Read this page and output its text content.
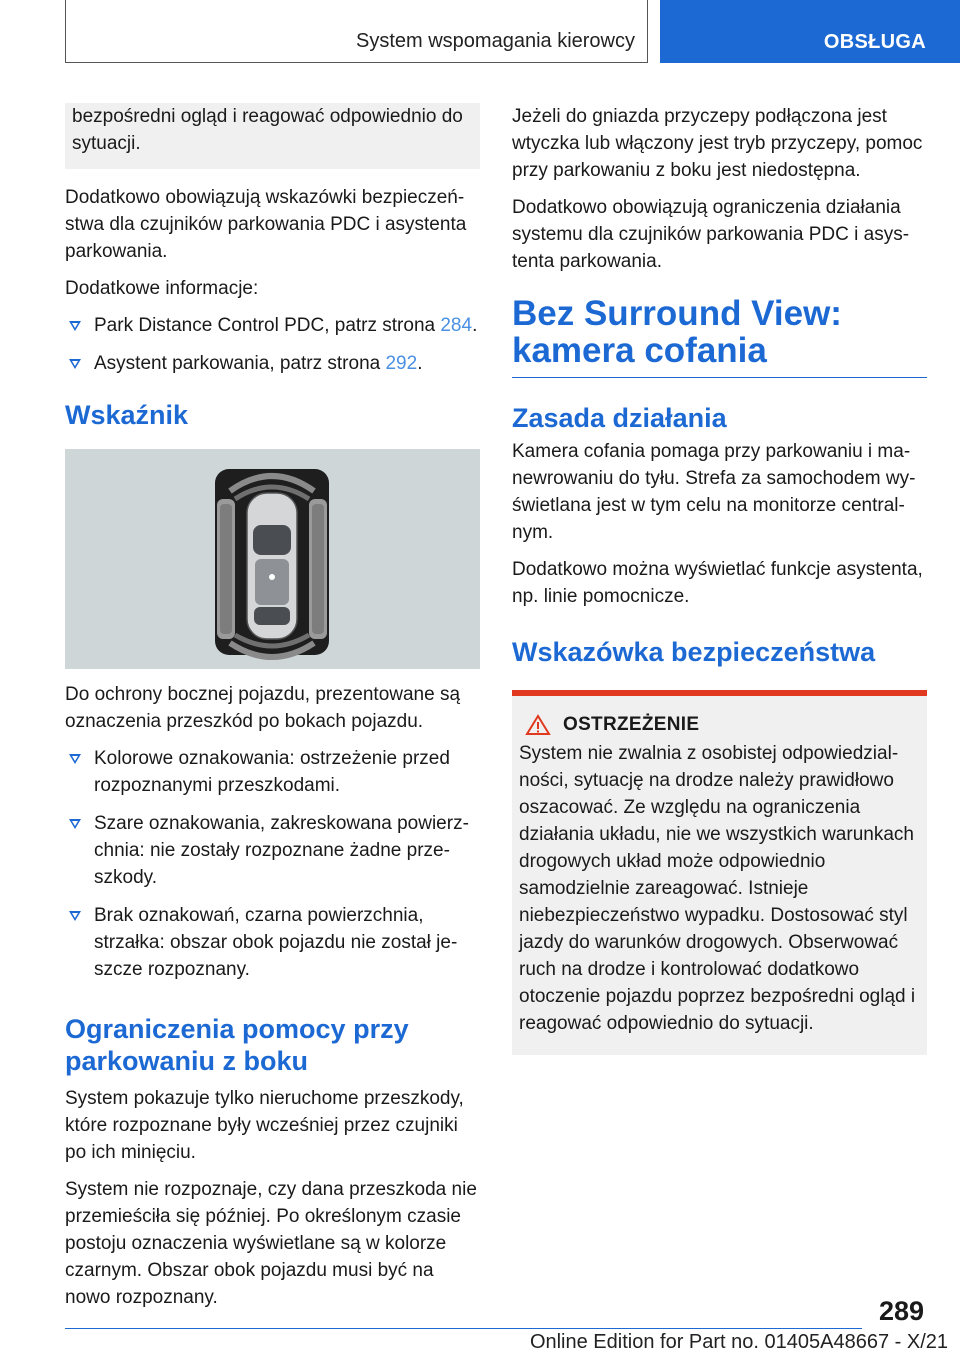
System wspomagania kierowcy	OBSŁUGA

bezpośredni ogląd i reagować odpowiednio do sytuacji.

Dodatkowo obowiązują wskazówki bezpieczeństwa dla czujników parkowania PDC i asystenta parkowania.

Dodatkowe informacje:

Park Distance Control PDC, patrz strona 284.
Asystent parkowania, patrz strona 292.
Wskaźnik

Do ochrony bocznej pojazdu, prezentowane są oznaczenia przeszkód po bokach pojazdu.

Kolorowe oznakowania: ostrzeżenie przed rozpoznanymi przeszkodami.
Szare oznakowania, zakreskowana powierzchnia: nie zostały rozpoznane żadne przeszkody.
Brak oznakowań, czarna powierzchnia, strzałka: obszar obok pojazdu nie został jeszcze rozpoznany.
Ograniczenia pomocy przy parkowaniu z boku

System pokazuje tylko nieruchome przeszkody, które rozpoznane były wcześniej przez czujniki po ich minięciu.

System nie rozpoznaje, czy dana przeszkoda nie przemieściła się później. Po określonym czasie postoju oznaczenia wyświetlane są w kolorze czarnym. Obszar obok pojazdu musi być na nowo rozpoznany.

Jeżeli do gniazda przyczepy podłączona jest wtyczka lub włączony jest tryb przyczepy, pomoc przy parkowaniu z boku jest niedostępna.

Dodatkowo obowiązują ograniczenia działania systemu dla czujników parkowania PDC i asystenta parkowania.

Bez Surround View: kamera cofania
Zasada działania

Kamera cofania pomaga przy parkowaniu i manewrowaniu do tyłu. Strefa za samochodem wyświetlana jest w tym celu na monitorze centralnym.

Dodatkowo można wyświetlać funkcje asystenta, np. linie pomocnicze.

Wskazówka bezpieczeństwa
OSTRZEŻENIE

System nie zwalnia z osobistej odpowiedzialności, sytuację na drodze należy prawidłowo oszacować. Ze względu na ograniczenia działania układu, nie we wszystkich warunkach drogowych układ może odpowiednio samodzielnie zareagować. Istnieje niebezpieczeństwo wypadku. Dostosować styl jazdy do warunków drogowych. Obserwować ruch na drodze i kontrolować dodatkowo otoczenie pojazdu poprzez bezpośredni ogląd i reagować odpowiednio do sytuacji.

289
Online Edition for Part no. 01405A48667 - X/21
